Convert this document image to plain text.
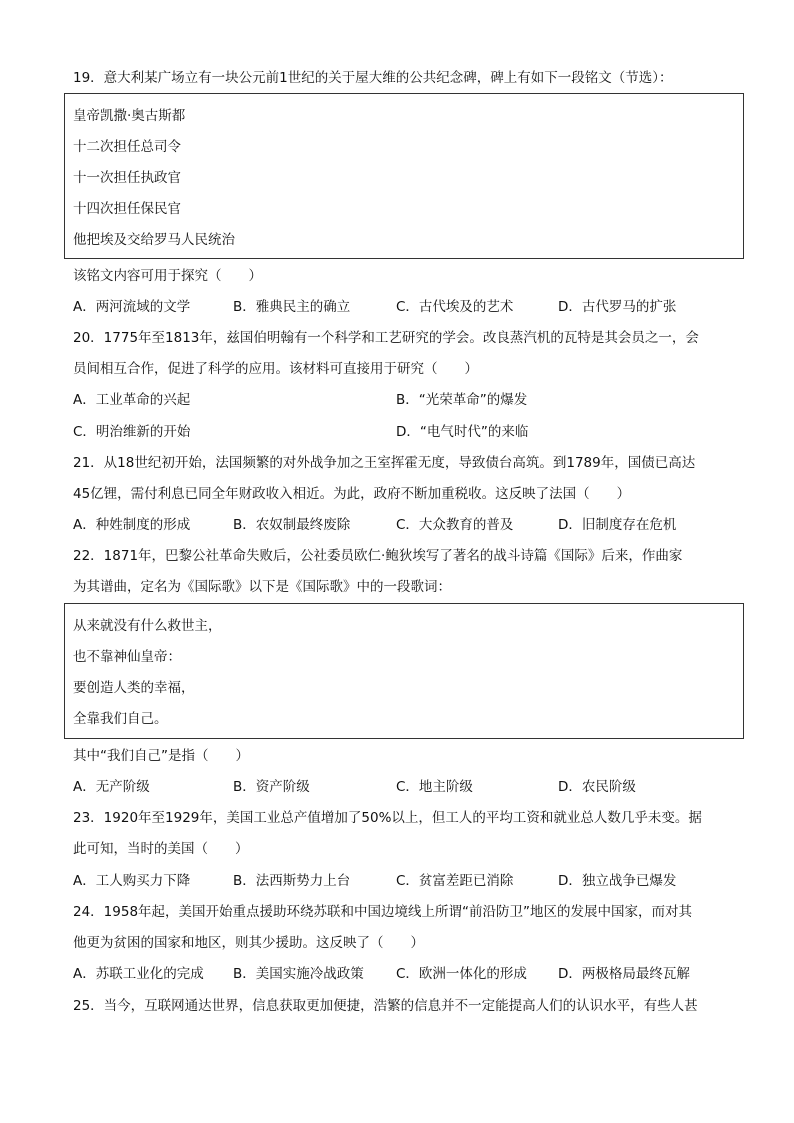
19．意大利某广场立有一块公元前1世纪的关于屋大维的公共纪念碑，碑上有如下一段铭文（节选）：
皇帝凯撒·奥古斯都
十二次担任总司令
十一次担任执政官
十四次担任保民官
他把埃及交给罗马人民统治
该铭文内容可用于探究（　　）
A．两河流域的文学	B．雅典民主的确立	C．古代埃及的艺术	D．古代罗马的扩张
20．1775年至1813年，兹国伯明翰有一个科学和工艺研究的学会。改良蒸汽机的瓦特是其会员之一，会
员间相互合作，促进了科学的应用。该材料可直接用于研究（　　）
A．工业革命的兴起	B．“光荣革命”的爆发
C．明治维新的开始	D．“电气时代”的来临
21．从18世纪初开始，法国频繁的对外战争加之王室挥霍无度，导致债台高筑。到1789年，国债已高达
45亿锂，需付利息已同全年财政收入相近。为此，政府不断加重税收。这反映了法国（　　）
A．种姓制度的形成	B．农奴制最终废除	C．大众教育的普及	D．旧制度存在危机
22．1871年，巴黎公社革命失败后，公社委员欧仁·鲍狄埃写了著名的战斗诗篇《国际》后来，作曲家
为其谱曲，定名为《国际歌》以下是《国际歌》中的一段歌词：
从来就没有什么救世主，
也不靠神仙皇帝：
要创造人类的幸福，
全靠我们自己。
其中“我们自己”是指（　　）
A．无产阶级	B．资产阶级	C．地主阶级	D．农民阶级
23．1920年至1929年，美国工业总产值增加了50%以上，但工人的平均工资和就业总人数几乎未变。据
此可知，当时的美国（　　）
A．工人购买力下降	B．法西斯势力上台	C．贫富差距已消除	D．独立战争已爆发
24．1958年起，美国开始重点援助环绕苏联和中国边境线上所谓“前沿防卫”地区的发展中国家，而对其
他更为贫困的国家和地区，则其少援助。这反映了（　　）
A．苏联工业化的完成 B．美国实施冷战政策 C．欧洲一体化的形成 D．两极格局最终瓦解
25．当今，互联网通达世界，信息获取更加便捷，浩繁的信息并不一定能提高人们的认识水平，有些人甚
